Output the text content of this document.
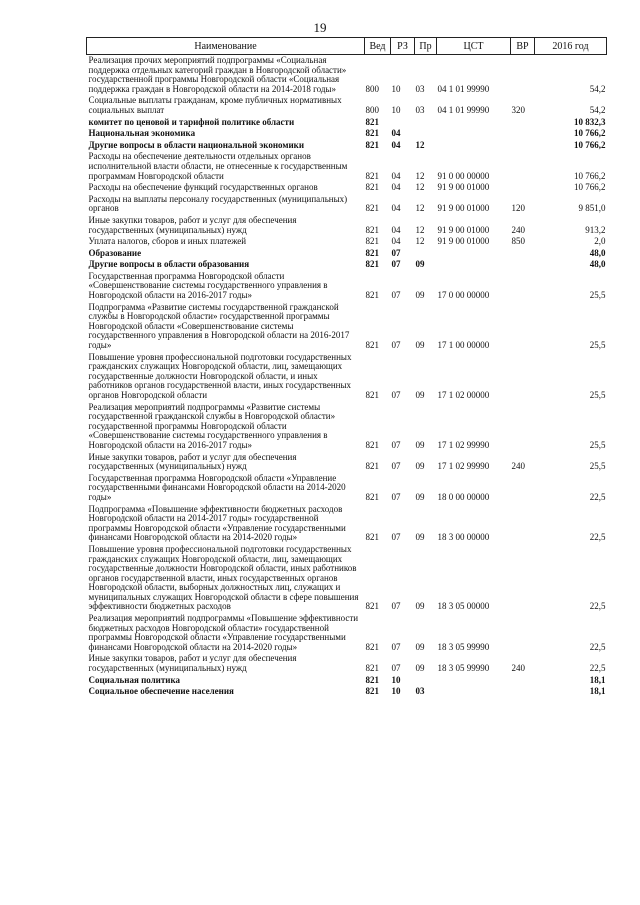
19
Наименование	Вед	РЗ	Пр	ЦСТ	ВР	2016 год
Реализация прочих мероприятий подпрограммы «Социальная поддержка отдельных категорий граждан в Новгородской области» государственной программы Новгородской области «Социальная поддержка граждан в Новгородской области на 2014-2018 годы»	800	10	03	04 1 01 99990		54,2
Социальные выплаты гражданам, кроме публичных нормативных социальных выплат	800	10	03	04 1 01 99990	320	54,2
комитет по ценовой и тарифной политике области	821					10 832,3
Национальная экономика	821	04				10 766,2
Другие вопросы в области национальной экономики	821	04	12			10 766,2
Расходы на обеспечение деятельности отдельных органов исполнительной власти области, не отнесенные к государственным программам Новгородской области	821	04	12	91 0 00 00000		10 766,2
Расходы на обеспечение функций государственных органов	821	04	12	91 9 00 01000		10 766,2
Расходы на выплаты персоналу государственных (муниципальных) органов	821	04	12	91 9 00 01000	120	9 851,0
Иные закупки товаров, работ и услуг для обеспечения государственных (муниципальных) нужд	821	04	12	91 9 00 01000	240	913,2
Уплата налогов, сборов и иных платежей	821	04	12	91 9 00 01000	850	2,0
Образование	821	07				48,0
Другие вопросы в области образования	821	07	09			48,0
Государственная программа Новгородской области «Совершенствование системы государственного управления в Новгородской области на 2016-2017 годы»	821	07	09	17 0 00 00000		25,5
Подпрограмма «Развитие системы государственной гражданской службы в Новгородской области» государственной программы Новгородской области «Совершенствование системы государственного управления в Новгородской области на 2016-2017 годы»	821	07	09	17 1 00 00000		25,5
Повышение уровня профессиональной подготовки государственных гражданских служащих Новгородской области, лиц, замещающих государственные должности Новгородской области, и иных работников органов государственной власти, иных государственных органов Новгородской области	821	07	09	17 1 02 00000		25,5
Реализация мероприятий подпрограммы «Развитие системы государственной гражданской службы в Новгородской области» государственной программы Новгородской области «Совершенствование системы государственного управления в Новгородской области на 2016-2017 годы»	821	07	09	17 1 02 99990		25,5
Иные закупки товаров, работ и услуг для обеспечения государственных (муниципальных) нужд	821	07	09	17 1 02 99990	240	25,5
Государственная программа Новгородской области «Управление государственными финансами Новгородской области на 2014-2020 годы»	821	07	09	18 0 00 00000		22,5
Подпрограмма «Повышение эффективности бюджетных расходов Новгородской области на 2014-2017 годы» государственной программы Новгородской области «Управление государственными финансами Новгородской области на 2014-2020 годы»	821	07	09	18 3 00 00000		22,5
Повышение уровня профессиональной подготовки государственных гражданских служащих Новгородской области, лиц, замещающих государственные должности Новгородской области, иных работников органов государственной власти, иных государственных органов Новгородской области, выборных должностных лиц, служащих и муниципальных служащих Новгородской области в сфере повышения эффективности бюджетных расходов	821	07	09	18 3 05 00000		22,5
Реализация мероприятий подпрограммы «Повышение эффективности бюджетных расходов Новгородской области» государственной программы Новгородской области «Управление государственными финансами Новгородской области на 2014-2020 годы»	821	07	09	18 3 05 99990		22,5
Иные закупки товаров, работ и услуг для обеспечения государственных (муниципальных) нужд	821	07	09	18 3 05 99990	240	22,5
Социальная политика	821	10				18,1
Социальное обеспечение населения	821	10	03			18,1
